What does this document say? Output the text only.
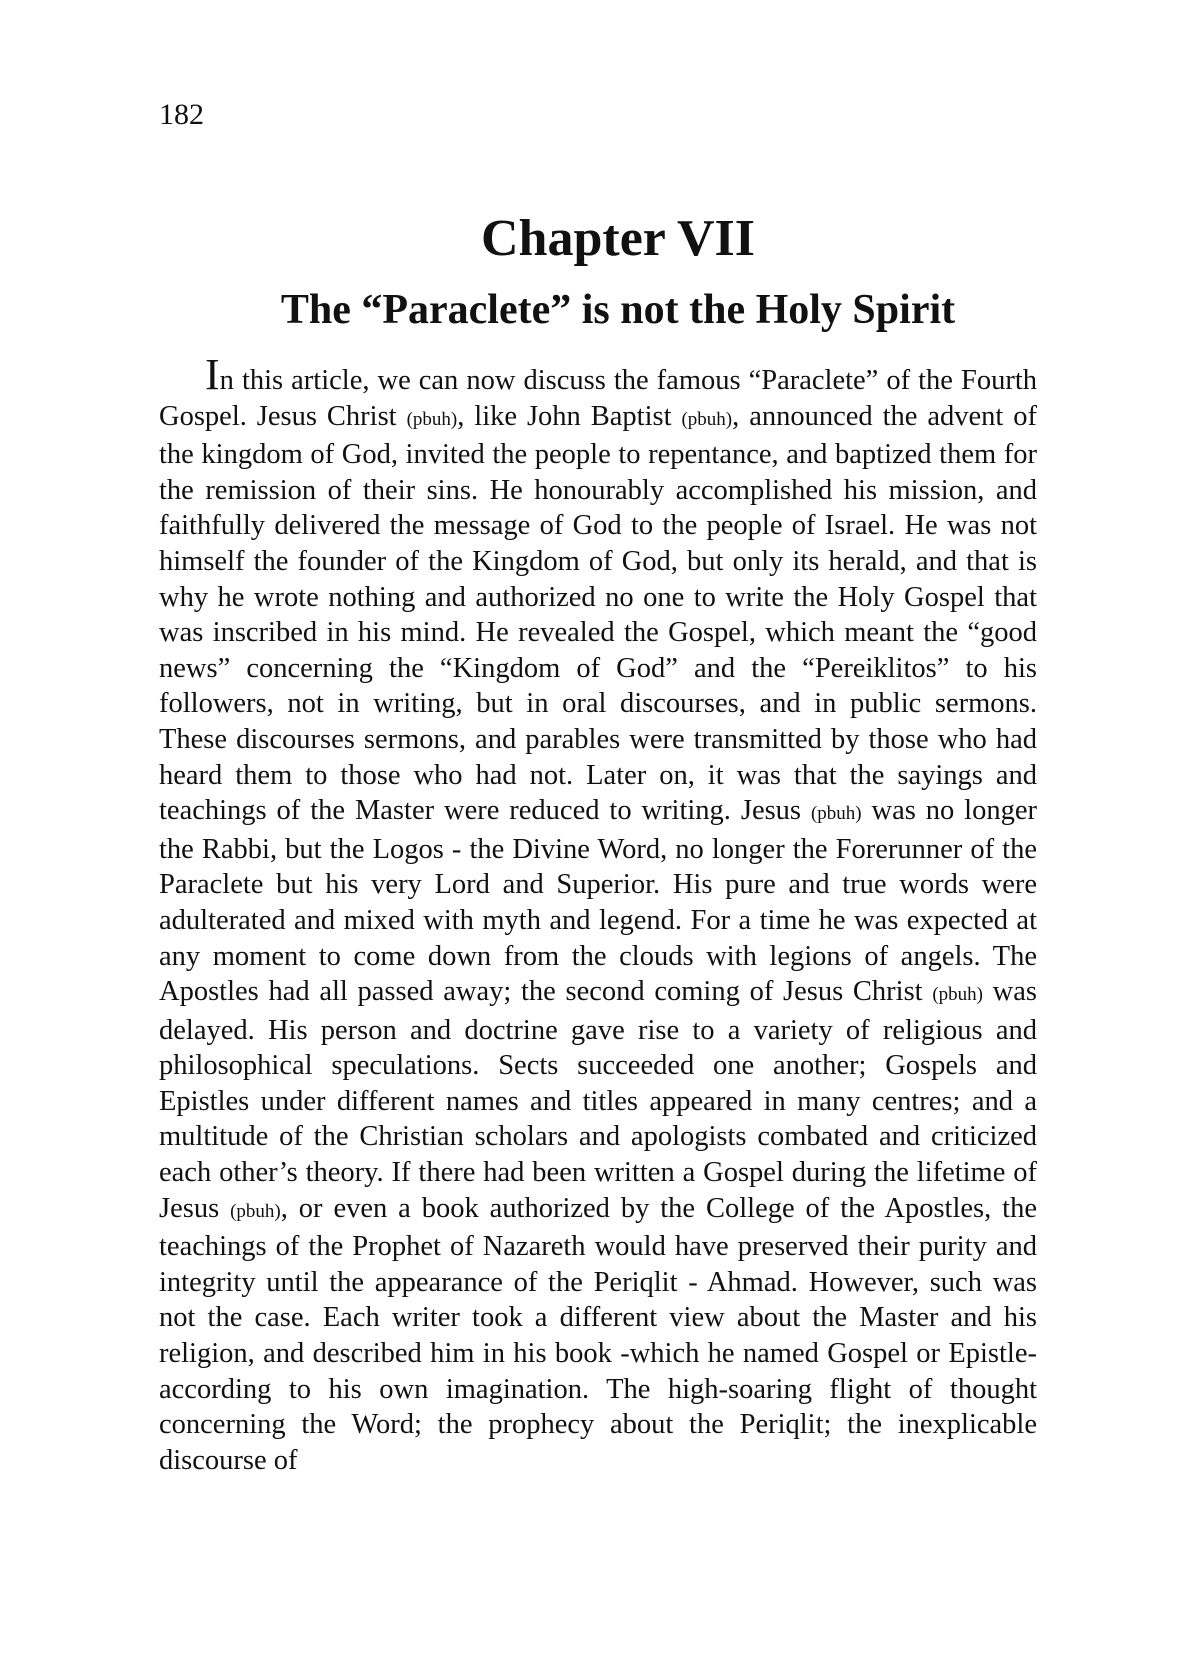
182
Chapter VII
The “Paraclete” is not the Holy Spirit

In this article, we can now discuss the famous “Paraclete” of the Fourth Gospel. Jesus Christ (pbuh), like John Baptist (pbuh), announced the advent of the kingdom of God, invited the people to repentance, and baptized them for the remission of their sins. He honourably accomplished his mission, and faithfully delivered the message of God to the people of Israel. He was not himself the founder of the Kingdom of God, but only its herald, and that is why he wrote nothing and authorized no one to write the Holy Gospel that was inscribed in his mind. He revealed the Gospel, which meant the “good news” concerning the “Kingdom of God” and the “Pereiklitos” to his followers, not in writing, but in oral discourses, and in public sermons. These discourses sermons, and parables were transmitted by those who had heard them to those who had not. Later on, it was that the sayings and teachings of the Master were reduced to writing. Jesus (pbuh) was no longer the Rabbi, but the Logos - the Divine Word, no longer the Forerunner of the Paraclete but his very Lord and Superior. His pure and true words were adulterated and mixed with myth and legend. For a time he was expected at any moment to come down from the clouds with legions of angels. The Apostles had all passed away; the second coming of Jesus Christ (pbuh) was delayed. His person and doctrine gave rise to a variety of religious and philosophical speculations. Sects succeeded one another; Gospels and Epistles under different names and titles appeared in many centres; and a multitude of the Christian scholars and apologists combated and criticized each other’s theory. If there had been written a Gospel during the lifetime of Jesus (pbuh), or even a book authorized by the College of the Apostles, the teachings of the Prophet of Nazareth would have preserved their purity and integrity until the appearance of the Periqlit - Ahmad. However, such was not the case. Each writer took a different view about the Master and his religion, and described him in his book -which he named Gospel or Epistle- according to his own imagination. The high-soaring flight of thought concerning the Word; the prophecy about the Periqlit; the inexplicable discourse of
